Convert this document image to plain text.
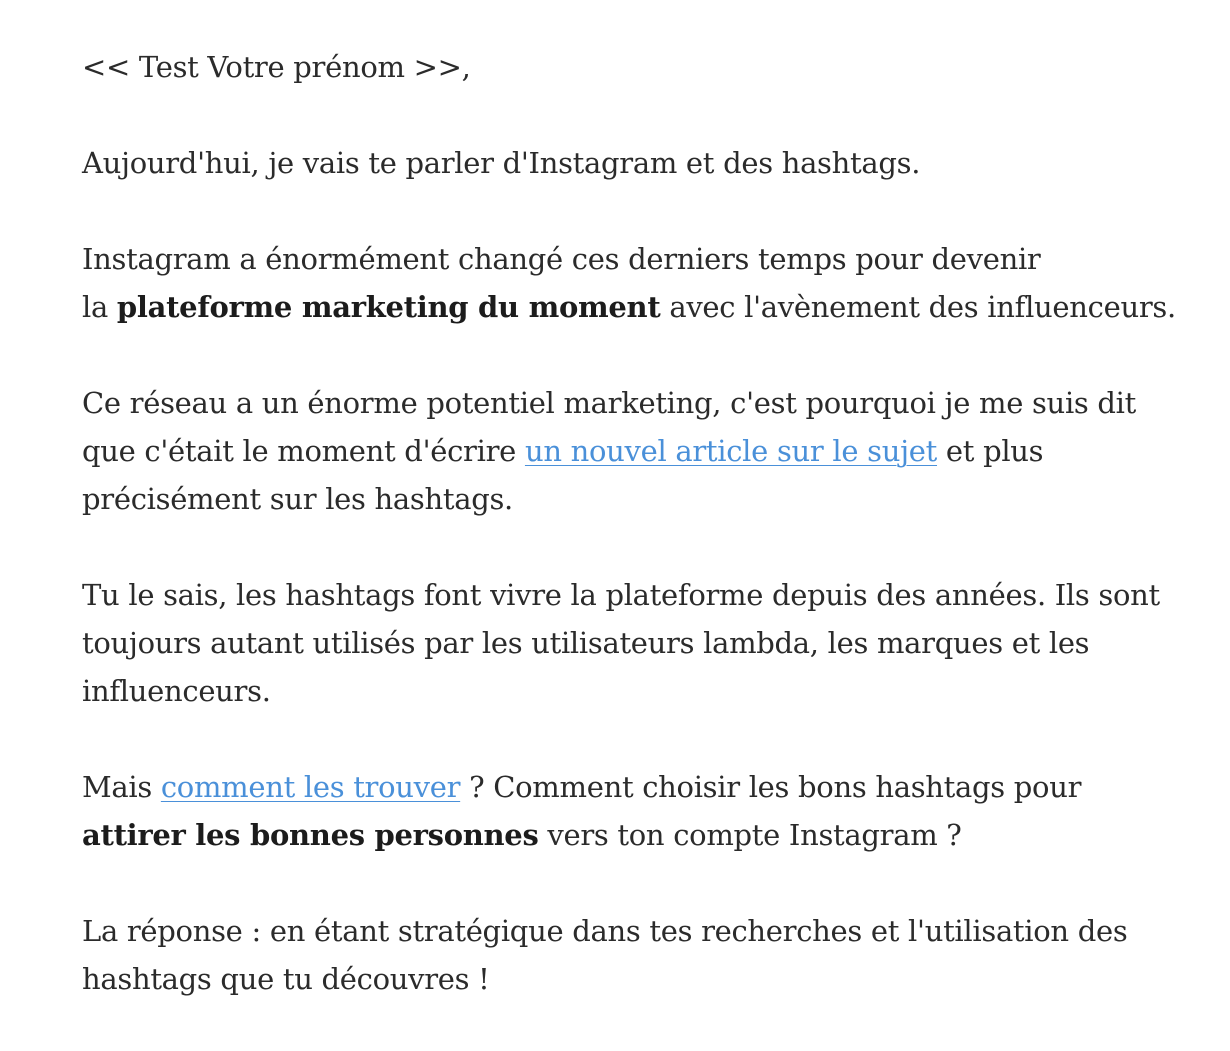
<< Test Votre prénom >>,

Aujourd'hui, je vais te parler d'Instagram et des hashtags.

Instagram a énormément changé ces derniers temps pour devenir
la plateforme marketing du moment avec l'avènement des influenceurs.

Ce réseau a un énorme potentiel marketing, c'est pourquoi je me suis dit
que c'était le moment d'écrire un nouvel article sur le sujet et plus
précisément sur les hashtags.

Tu le sais, les hashtags font vivre la plateforme depuis des années. Ils sont
toujours autant utilisés par les utilisateurs lambda, les marques et les
influenceurs.

Mais comment les trouver ? Comment choisir les bons hashtags pour
attirer les bonnes personnes vers ton compte Instagram ?

La réponse : en étant stratégique dans tes recherches et l'utilisation des
hashtags que tu découvres !
